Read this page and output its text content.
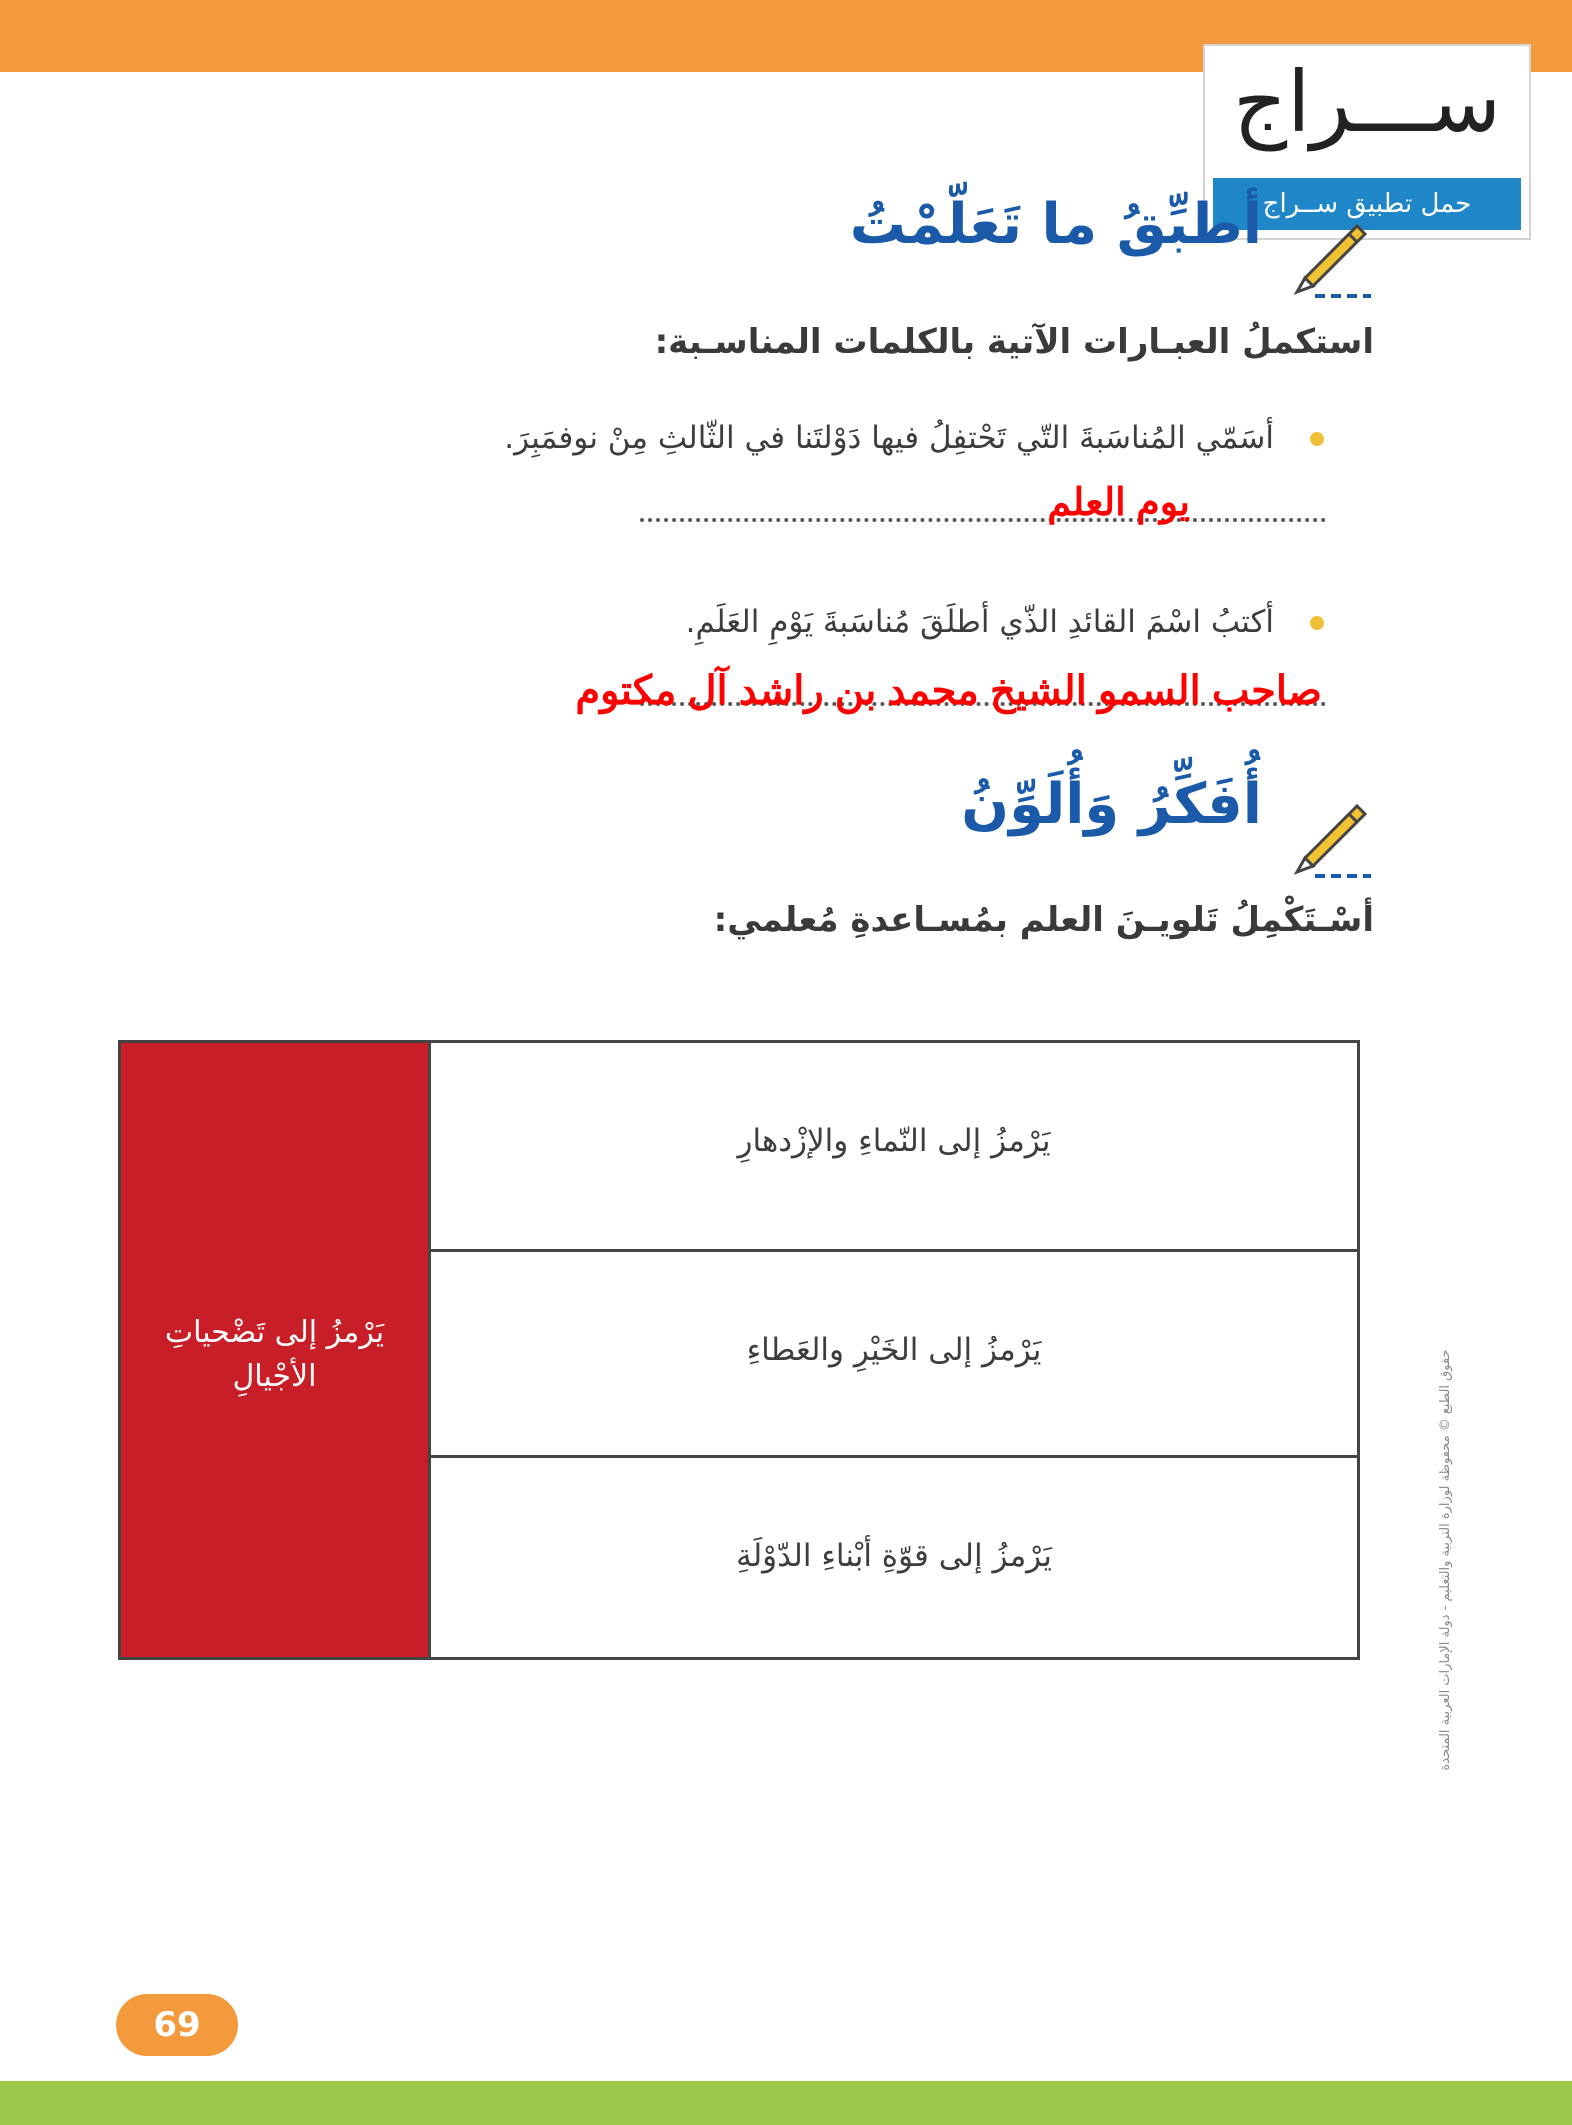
ســـراج
حمل تطبيق ســراج
أطبِّقُ ما تَعَلّمْتُ
استكملُ العبـارات الآتية بالكلمات المناسـبة:
أسَمّي المُناسَبةَ التّي تَحْتفِلُ فيها دَوْلتَنا في الثّالثِ مِنْ نوفمَبِرَ.
يوم العلم
أكتبُ اسْمَ القائدِ الذّي أطلَقَ مُناسَبةَ يَوْمِ العَلَمِ.
صاحب السمو الشيخ محمد بن راشد آل مكتوم
أُفَكِّرُ وَأُلَوِّنُ
أسْـتَكْمِلُ تَلويـنَ العلم بمُسـاعدةِ مُعلمي:
يَرْمزُ إلى تَضْحياتِ الأجْيالِ
يَرْمزُ إلى النّماءِ والإزْدهارِ
يَرْمزُ إلى الخَيْرِ والعَطاءِ
يَرْمزُ إلى قوّةِ أبْناءِ الدّوْلَةِ	حقوق الطبع © محفوظة لوزارة التربية والتعليم - دولة الإمارات العربية المتحدة
69
